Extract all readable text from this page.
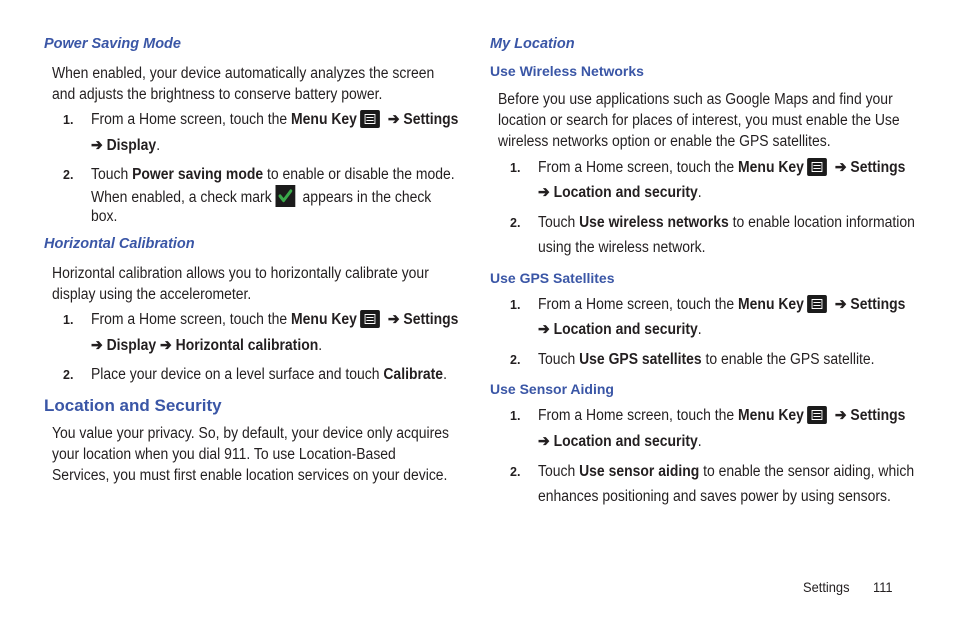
Power Saving Mode
When enabled, your device automatically analyzes the screen
and adjusts the brightness to conserve battery power.
1. From a Home screen, touch the Menu Key ➔ Settings
➔ Display.
2. Touch Power saving mode to enable or disable the mode.
When enabled, a check mark
appears in the check
box.
Horizontal Calibration
Horizontal calibration allows you to horizontally calibrate your
display using the accelerometer.
1. From a Home screen, touch the Menu Key ➔ Settings
➔ Display ➔ Horizontal calibration.
2. Place your device on a level surface and touch Calibrate.
Location and Security
You value your privacy. So, by default, your device only acquires
your location when you dial 911. To use Location-Based
Services, you must first enable location services on your device.
My Location
Use Wireless Networks
Before you use applications such as Google Maps and find your
location or search for places of interest, you must enable the Use
wireless networks option or enable the GPS satellites.
1. From a Home screen, touch the Menu Key ➔ Settings
➔ Location and security.
2. Touch Use wireless networks to enable location information
using the wireless network.
Use GPS Satellites
1. From a Home screen, touch the Menu Key ➔ Settings
➔ Location and security.
2. Touch Use GPS satellites to enable the GPS satellite.
Use Sensor Aiding
1. From a Home screen, touch the Menu Key ➔ Settings
➔ Location and security.
2. Touch Use sensor aiding to enable the sensor aiding, which
enhances positioning and saves power by using sensors.
Settings 111
